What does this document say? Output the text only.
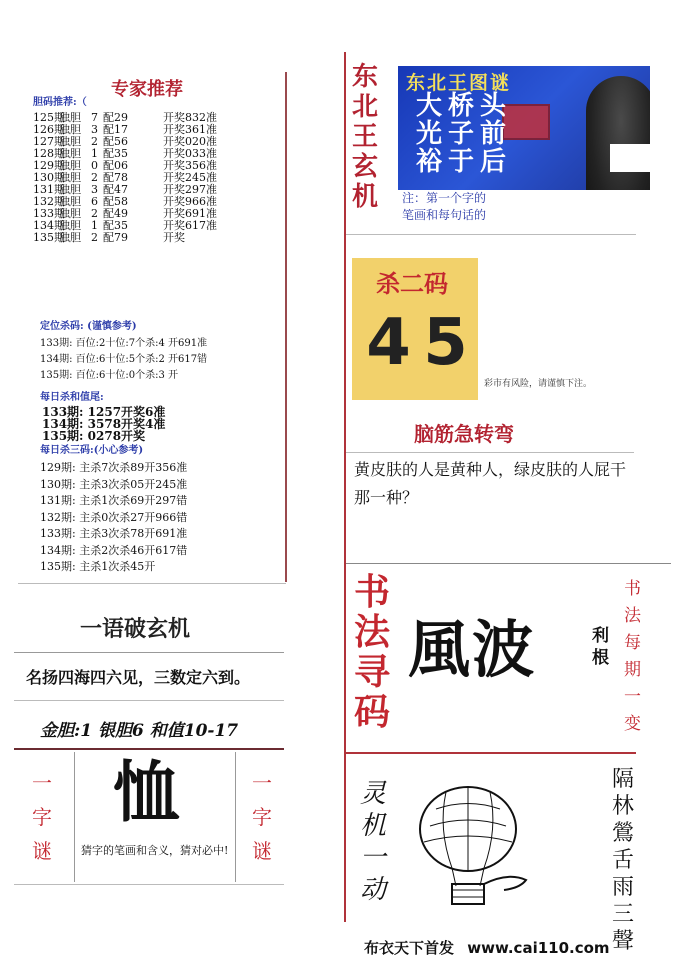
专家推荐
胆码推荐:（
125期
独胆 7 配29	开奖832准
126期
独胆 3 配17	开奖361准
127期
独胆 2 配56	开奖020准
128期
独胆 1 配35	开奖033准
129期
独胆 0 配06	开奖356准
130期
独胆 2 配78	开奖245准
131期
独胆 3 配47	开奖297准
132期
独胆 6 配58	开奖966准
133期
独胆 2 配49	开奖691准
134期
独胆 1 配35	开奖617准
135期
独胆 2 配79	开奖
定位杀码: (谨慎参考)
133期: 百位:2十位:7个杀:4 开691准
134期: 百位:6十位:5个杀:2 开617错
135期: 百位:6十位:0个杀:3 开
每日杀和值尾:
133期: 1257开奖6准
134期: 3578开奖4准
135期: 0278开奖
每日杀三码:(小心参考)
129期: 主杀7次杀89开356准
130期: 主杀3次杀05开245准
131期: 主杀1次杀69开297错
132期: 主杀0次杀27开966错
133期: 主杀3次杀78开691准
134期: 主杀2次杀46开617错
135期: 主杀1次杀45开
一语破玄机
名扬四海四六见，三数定六到。
金胆:1 银胆6 和值10-17
一字谜
恤
猜字的笔画和含义，猜对必中!
一字谜
东北王玄机
东北王图谜
大桥头
光子前
裕于后
注：第一个字的
笔画和每句话的
杀二码
4 5
彩市有风险，请谨慎下注。
脑筋急转弯
黄皮肤的人是黄种人，绿皮肤的人屁干那一种？
书法寻码
風波	利根
书法每期一变
灵机一动
隔林鶯舌雨三聲
布衣天下首发 www.cai110.com
